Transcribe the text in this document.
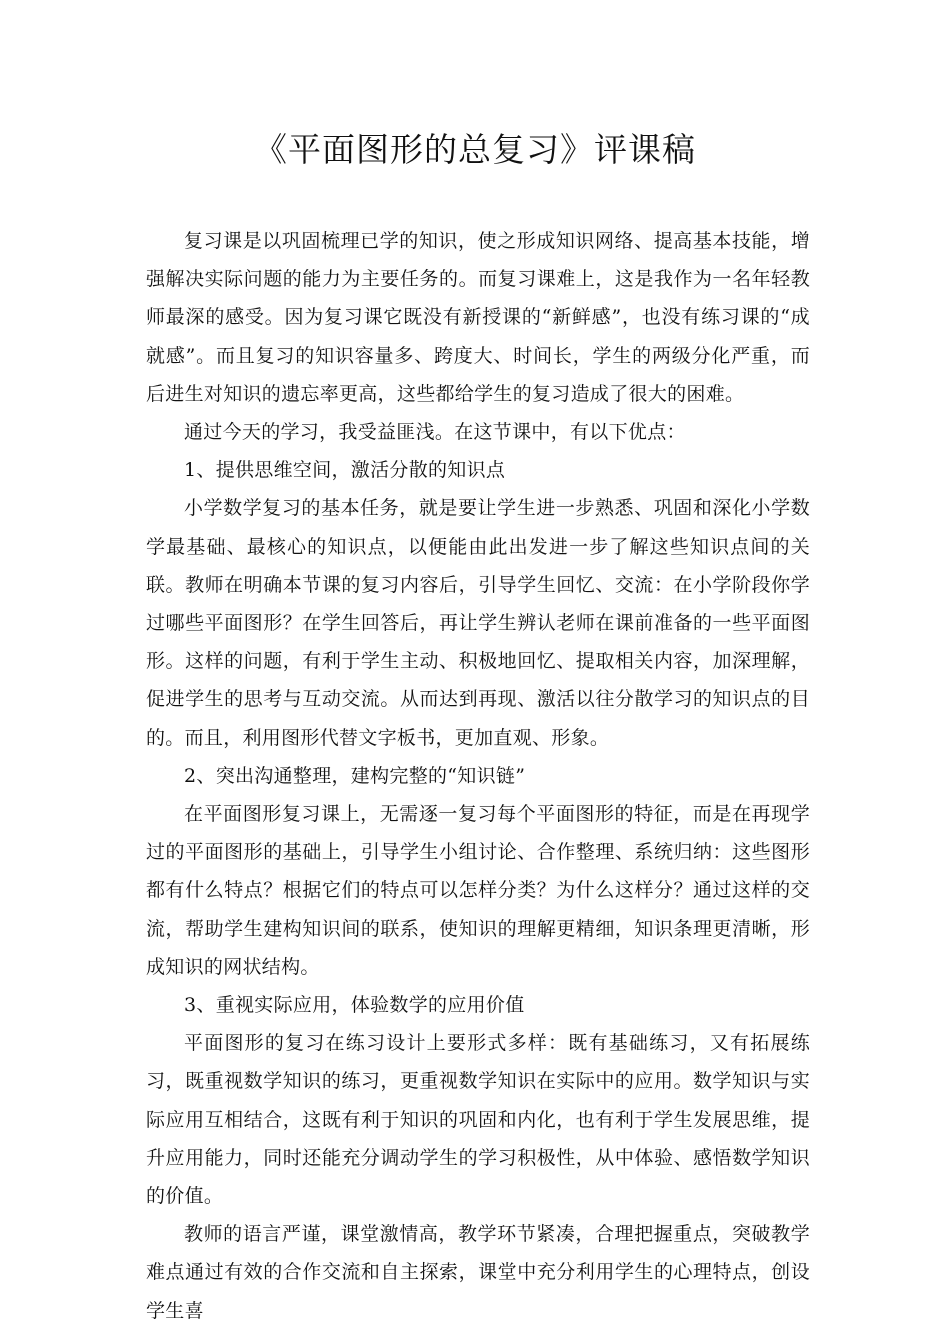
《平面图形的总复习》评课稿

复习课是以巩固梳理已学的知识，使之形成知识网络、提高基本技能，增强解决实际问题的能力为主要任务的。而复习课难上，这是我作为一名年轻教师最深的感受。因为复习课它既没有新授课的“新鲜感”，也没有练习课的“成就感”。而且复习的知识容量多、跨度大、时间长，学生的两级分化严重，而后进生对知识的遗忘率更高，这些都给学生的复习造成了很大的困难。

通过今天的学习，我受益匪浅。在这节课中，有以下优点：

1、提供思维空间，激活分散的知识点

小学数学复习的基本任务，就是要让学生进一步熟悉、巩固和深化小学数学最基础、最核心的知识点，以便能由此出发进一步了解这些知识点间的关联。教师在明确本节课的复习内容后，引导学生回忆、交流：在小学阶段你学过哪些平面图形？在学生回答后，再让学生辨认老师在课前准备的一些平面图形。这样的问题，有利于学生主动、积极地回忆、提取相关内容，加深理解，促进学生的思考与互动交流。从而达到再现、激活以往分散学习的知识点的目的。而且，利用图形代替文字板书，更加直观、形象。

2、突出沟通整理，建构完整的“知识链”

在平面图形复习课上，无需逐一复习每个平面图形的特征，而是在再现学过的平面图形的基础上，引导学生小组讨论、合作整理、系统归纳：这些图形都有什么特点？根据它们的特点可以怎样分类？为什么这样分？通过这样的交流，帮助学生建构知识间的联系，使知识的理解更精细，知识条理更清晰，形成知识的网状结构。

3、重视实际应用，体验数学的应用价值

平面图形的复习在练习设计上要形式多样：既有基础练习，又有拓展练习，既重视数学知识的练习，更重视数学知识在实际中的应用。数学知识与实际应用互相结合，这既有利于知识的巩固和内化，也有利于学生发展思维，提升应用能力，同时还能充分调动学生的学习积极性，从中体验、感悟数学知识的价值。

教师的语言严谨，课堂激情高，教学环节紧凑，合理把握重点，突破教学难点通过有效的合作交流和自主探索，课堂中充分利用学生的心理特点，创设学生喜
